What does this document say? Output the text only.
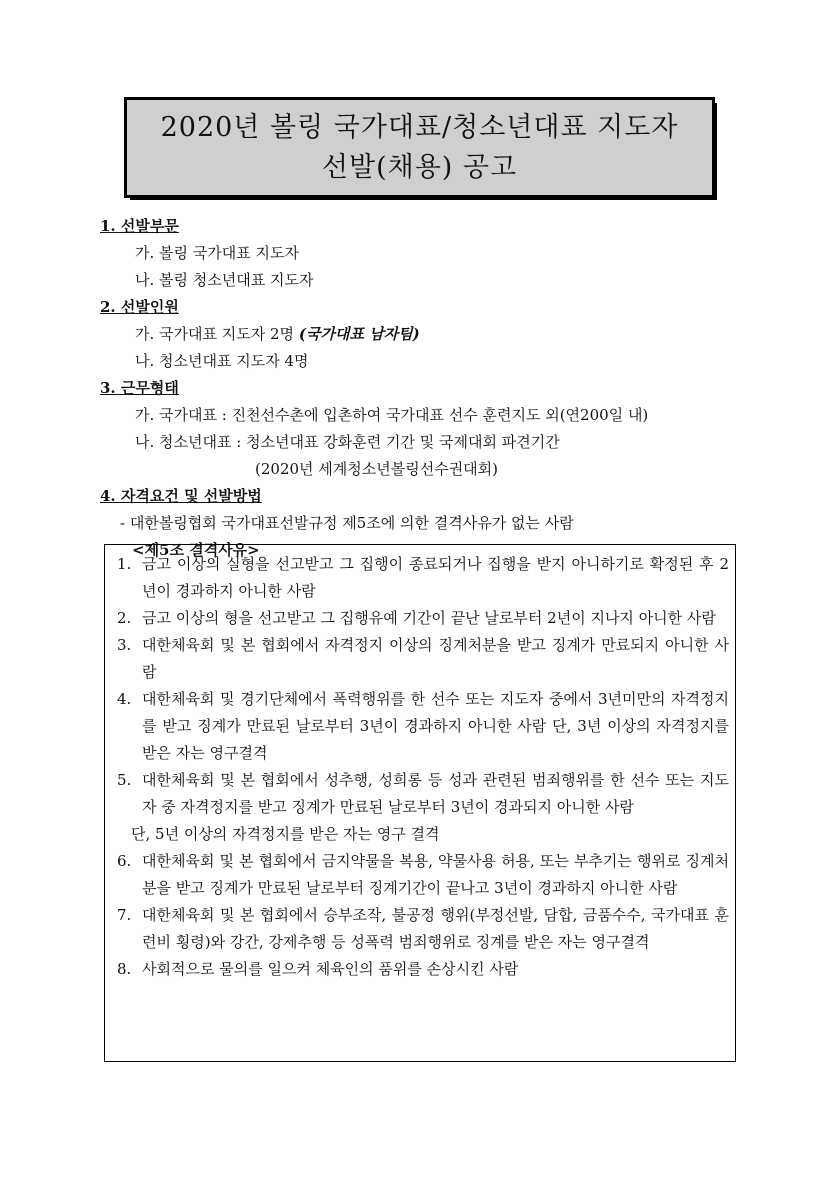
2020년 볼링 국가대표/청소년대표 지도자
선발(채용) 공고
1. 선발부문
가. 볼링 국가대표 지도자
나. 볼링 청소년대표 지도자
2. 선발인원
가. 국가대표 지도자 2명 (국가대표 남자팀)
나. 청소년대표 지도자 4명
3. 근무형태
가. 국가대표 : 진천선수촌에 입촌하여 국가대표 선수 훈련지도 외(연200일 내)
나. 청소년대표 : 청소년대표 강화훈련 기간 및 국제대회 파견기간
(2020년 세계청소년볼링선수권대회)
4. 자격요건 및 선발방법
- 대한볼링협회 국가대표선발규정 제5조에 의한 결격사유가 없는 사람
<제5조 결격사유>
1. 금고 이상의 실형을 선고받고 그 집행이 종료되거나 집행을 받지 아니하기로 확정된 후 2년이 경과하지 아니한 사람

2. 금고 이상의 형을 선고받고 그 집행유예 기간이 끝난 날로부터 2년이 지나지 아니한 사람

3. 대한체육회 및 본 협회에서 자격정지 이상의 징계처분을 받고 징계가 만료되지 아니한 사람

4. 대한체육회 및 경기단체에서 폭력행위를 한 선수 또는 지도자 중에서 3년미만의 자격정지를 받고 징계가 만료된 날로부터 3년이 경과하지 아니한 사람 단, 3년 이상의 자격정지를 받은 자는 영구결격

5. 대한체육회 및 본 협회에서 성추행, 성희롱 등 성과 관련된 범죄행위를 한 선수 또는 지도자 중 자격정지를 받고 징계가 만료된 날로부터 3년이 경과되지 아니한 사람

단, 5년 이상의 자격정지를 받은 자는 영구 결격

6. 대한체육회 및 본 협회에서 금지약물을 복용, 약물사용 허용, 또는 부추기는 행위로 징계처분을 받고 징계가 만료된 날로부터 징계기간이 끝나고 3년이 경과하지 아니한 사람

7. 대한체육회 및 본 협회에서 승부조작, 불공정 행위(부정선발, 담합, 금품수수, 국가대표 훈련비 횡령)와 강간, 강제추행 등 성폭력 범죄행위로 징계를 받은 자는 영구결격

8. 사회적으로 물의를 일으켜 체육인의 품위를 손상시킨 사람
